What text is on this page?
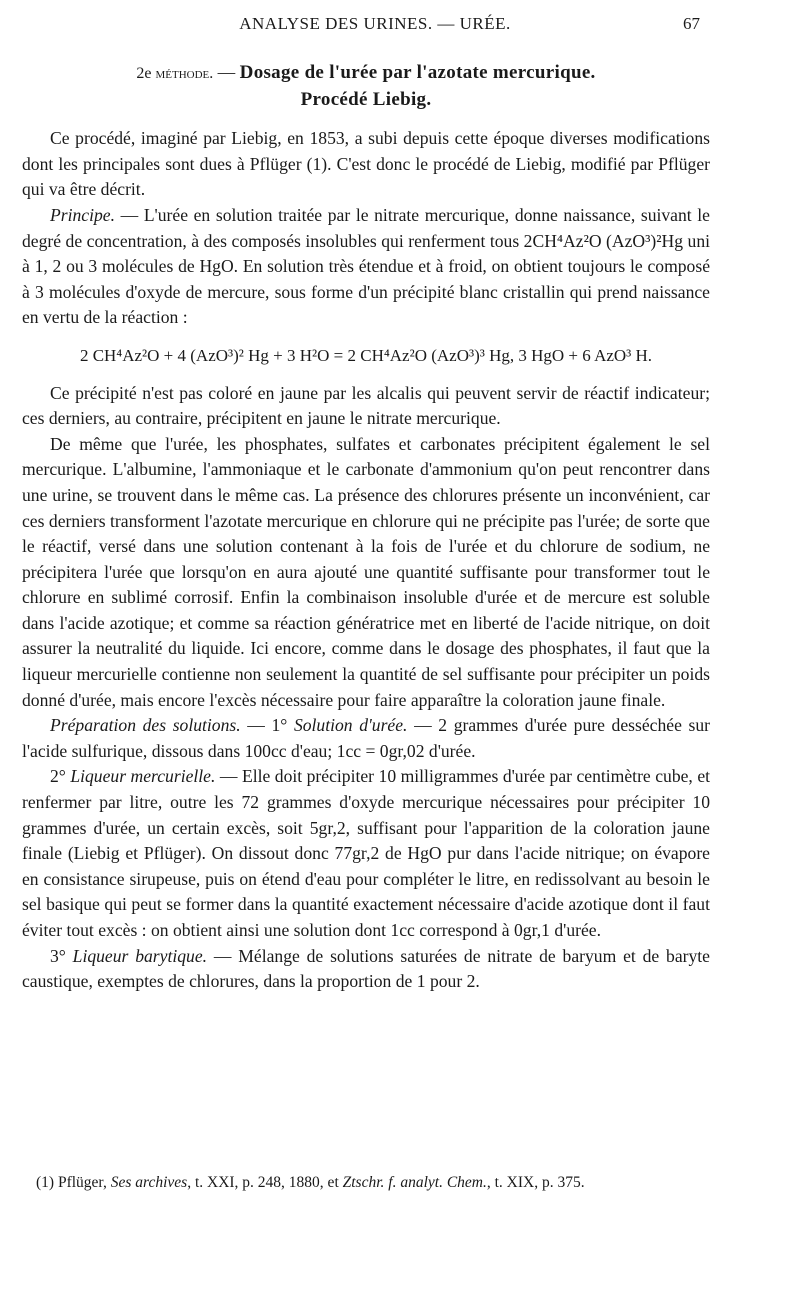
ANALYSE DES URINES. — URÉE.	67
2e méthode. — Dosage de l'urée par l'azotate mercurique.
Procédé Liebig.

Ce procédé, imaginé par Liebig, en 1853, a subi depuis cette époque diverses modifications dont les principales sont dues à Pflüger (1). C'est donc le procédé de Liebig, modifié par Pflüger qui va être décrit.

Principe. — L'urée en solution traitée par le nitrate mercurique, donne naissance, suivant le degré de concentration, à des composés insolubles qui renferment tous 2CH⁴Az²O (AzO³)²Hg uni à 1, 2 ou 3 molécules de HgO. En solution très étendue et à froid, on obtient toujours le composé à 3 molécules d'oxyde de mercure, sous forme d'un précipité blanc cristallin qui prend naissance en vertu de la réaction :

2 CH⁴Az²O + 4 (AzO³)² Hg + 3 H²O = 2 CH⁴Az²O (AzO³)³ Hg, 3 HgO + 6 AzO³ H.

Ce précipité n'est pas coloré en jaune par les alcalis qui peuvent servir de réactif indicateur; ces derniers, au contraire, précipitent en jaune le nitrate mercurique.

De même que l'urée, les phosphates, sulfates et carbonates précipitent également le sel mercurique. L'albumine, l'ammoniaque et le carbonate d'ammonium qu'on peut rencontrer dans une urine, se trouvent dans le même cas. La présence des chlorures présente un inconvénient, car ces derniers transforment l'azotate mercurique en chlorure qui ne précipite pas l'urée; de sorte que le réactif, versé dans une solution contenant à la fois de l'urée et du chlorure de sodium, ne précipitera l'urée que lorsqu'on en aura ajouté une quantité suffisante pour transformer tout le chlorure en sublimé corrosif. Enfin la combinaison insoluble d'urée et de mercure est soluble dans l'acide azotique; et comme sa réaction génératrice met en liberté de l'acide nitrique, on doit assurer la neutralité du liquide. Ici encore, comme dans le dosage des phosphates, il faut que la liqueur mercurielle contienne non seulement la quantité de sel suffisante pour précipiter un poids donné d'urée, mais encore l'excès nécessaire pour faire apparaître la coloration jaune finale.

Préparation des solutions. — 1° Solution d'urée. — 2 grammes d'urée pure desséchée sur l'acide sulfurique, dissous dans 100cc d'eau; 1cc = 0gr,02 d'urée.

2° Liqueur mercurielle. — Elle doit précipiter 10 milligrammes d'urée par centimètre cube, et renfermer par litre, outre les 72 grammes d'oxyde mercurique nécessaires pour précipiter 10 grammes d'urée, un certain excès, soit 5gr,2, suffisant pour l'apparition de la coloration jaune finale (Liebig et Pflüger). On dissout donc 77gr,2 de HgO pur dans l'acide nitrique; on évapore en consistance sirupeuse, puis on étend d'eau pour compléter le litre, en redissolvant au besoin le sel basique qui peut se former dans la quantité exactement nécessaire d'acide azotique dont il faut éviter tout excès : on obtient ainsi une solution dont 1cc correspond à 0gr,1 d'urée.

3° Liqueur barytique. — Mélange de solutions saturées de nitrate de baryum et de baryte caustique, exemptes de chlorures, dans la proportion de 1 pour 2.

(1) Pflüger, Ses archives, t. XXI, p. 248, 1880, et Ztschr. f. analyt. Chem., t. XIX, p. 375.
